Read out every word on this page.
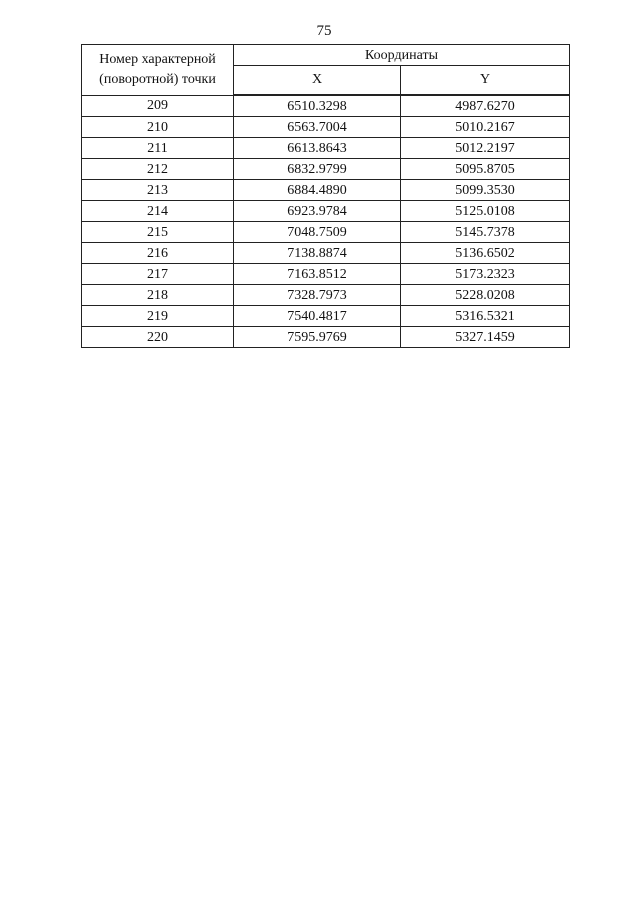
75
Номер характерной
(поворотной) точки	Координаты	
	X	Y
209	6510.3298	4987.6270
210	6563.7004	5010.2167
211	6613.8643	5012.2197
212	6832.9799	5095.8705
213	6884.4890	5099.3530
214	6923.9784	5125.0108
215	7048.7509	5145.7378
216	7138.8874	5136.6502
217	7163.8512	5173.2323
218	7328.7973	5228.0208
219	7540.4817	5316.5321
220	7595.9769	5327.1459
